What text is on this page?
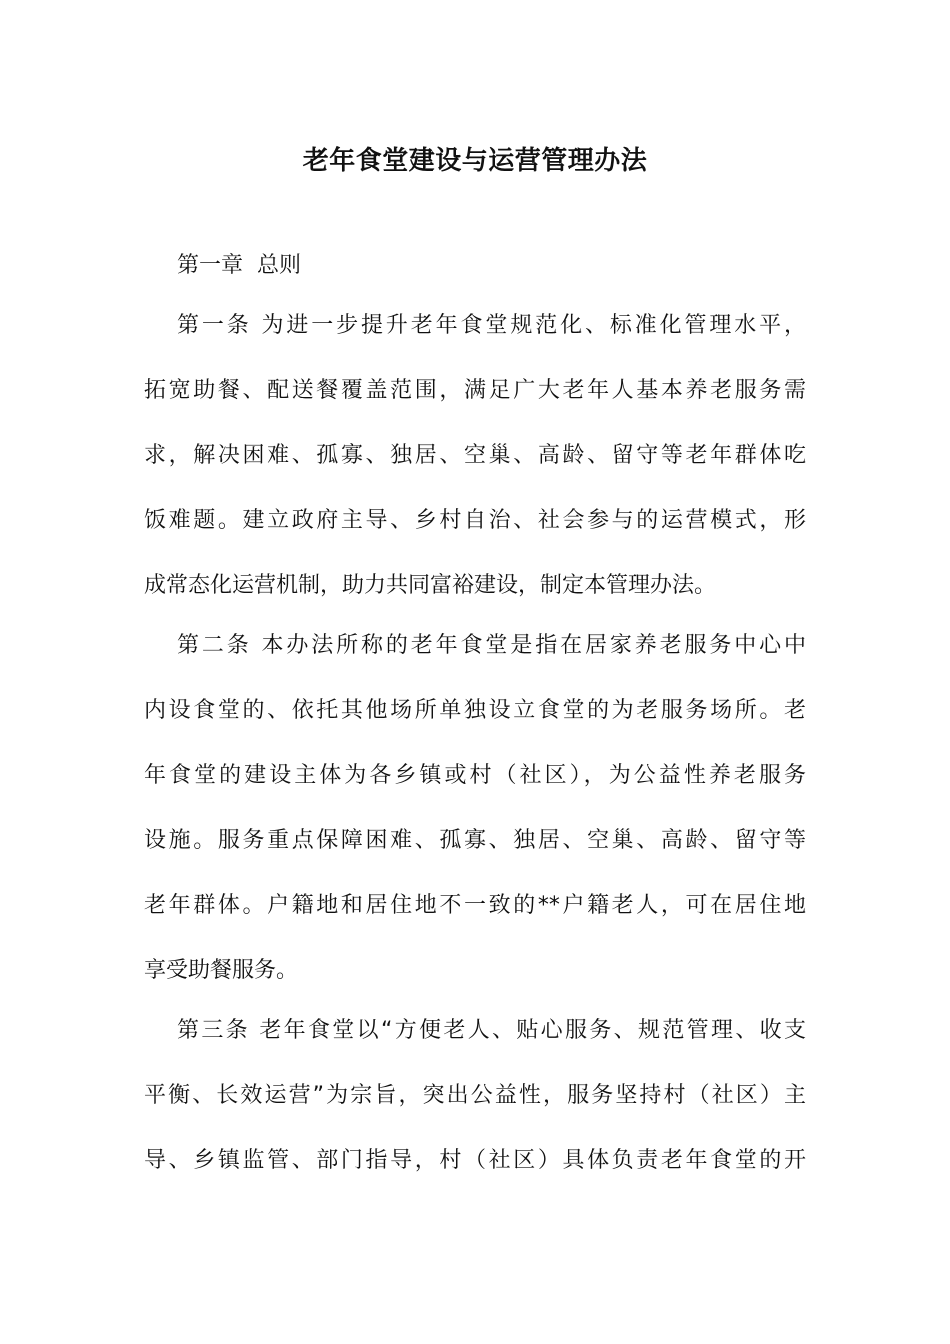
老年食堂建设与运营管理办法
第一章  总则
第一条 为进一步提升老年食堂规范化、标准化管理水平，
拓宽助餐、配送餐覆盖范围，满足广大老年人基本养老服务需
求，解决困难、孤寡、独居、空巢、高龄、留守等老年群体吃
饭难题。建立政府主导、乡村自治、社会参与的运营模式，形
成常态化运营机制，助力共同富裕建设，制定本管理办法。
第二条 本办法所称的老年食堂是指在居家养老服务中心中
内设食堂的、依托其他场所单独设立食堂的为老服务场所。老
年食堂的建设主体为各乡镇或村（社区），为公益性养老服务
设施。服务重点保障困难、孤寡、独居、空巢、高龄、留守等
老年群体。户籍地和居住地不一致的**户籍老人，可在居住地
享受助餐服务。
第三条 老年食堂以“方便老人、贴心服务、规范管理、收支
平衡、长效运营”为宗旨，突出公益性，服务坚持村（社区）主
导、乡镇监管、部门指导，村（社区）具体负责老年食堂的开
